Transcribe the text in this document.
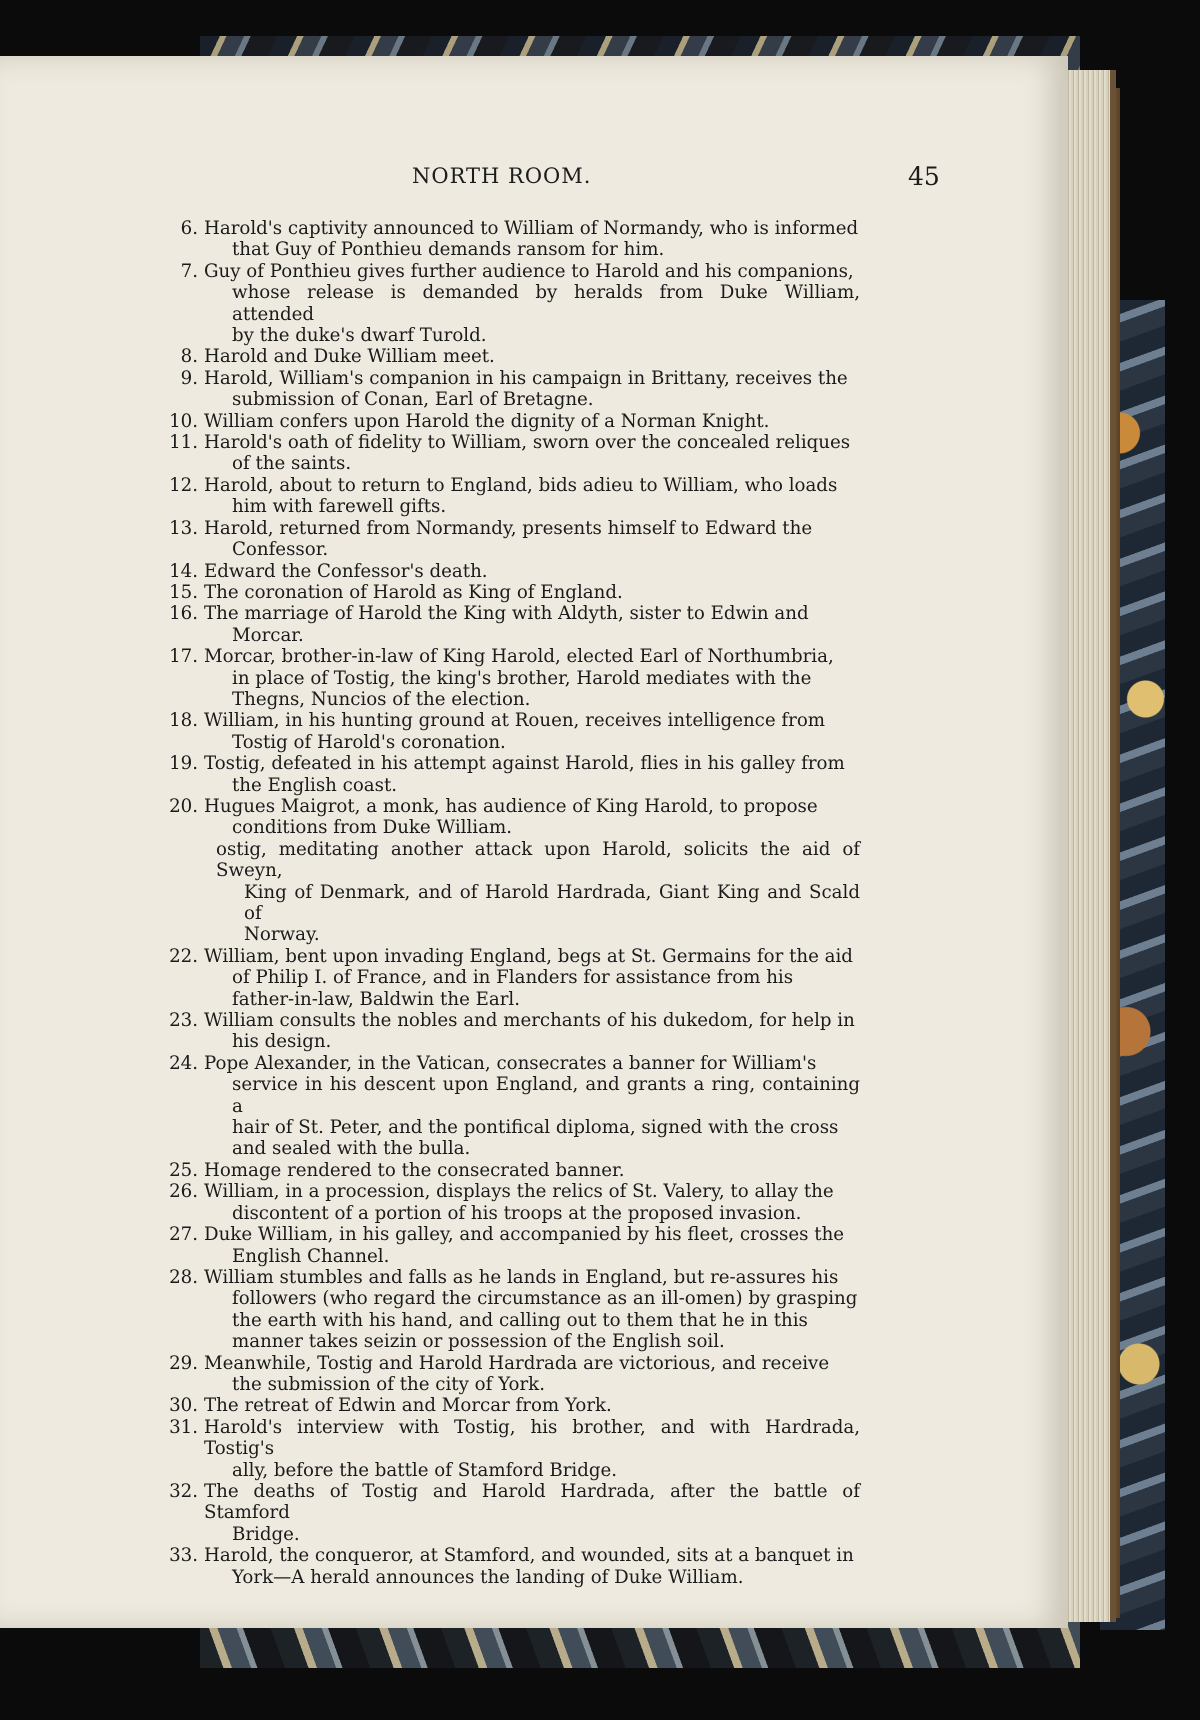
NORTH ROOM.	45
6. Harold's captivity announced to William of Normandy, who is informed
that Guy of Ponthieu demands ransom for him.
7. Guy of Ponthieu gives further audience to Harold and his companions,
whose release is demanded by heralds from Duke William, attended
by the duke's dwarf Turold.
8. Harold and Duke William meet.
9. Harold, William's companion in his campaign in Brittany, receives the
submission of Conan, Earl of Bretagne.
10. William confers upon Harold the dignity of a Norman Knight.
11. Harold's oath of fidelity to William, sworn over the concealed reliques
of the saints.
12. Harold, about to return to England, bids adieu to William, who loads
him with farewell gifts.
13. Harold, returned from Normandy, presents himself to Edward the
Confessor.
14. Edward the Confessor's death.
15. The coronation of Harold as King of England.
16. The marriage of Harold the King with Aldyth, sister to Edwin and
Morcar.
17. Morcar, brother-in-law of King Harold, elected Earl of Northumbria,
in place of Tostig, the king's brother, Harold mediates with the
Thegns, Nuncios of the election.
18. William, in his hunting ground at Rouen, receives intelligence from
Tostig of Harold's coronation.
19. Tostig, defeated in his attempt against Harold, flies in his galley from
the English coast.
20. Hugues Maigrot, a monk, has audience of King Harold, to propose
conditions from Duke William.
ostig, meditating another attack upon Harold, solicits the aid of Sweyn,
King of Denmark, and of Harold Hardrada, Giant King and Scald of
Norway.
22. William, bent upon invading England, begs at St. Germains for the aid
of Philip I. of France, and in Flanders for assistance from his
father-in-law, Baldwin the Earl.
23. William consults the nobles and merchants of his dukedom, for help in
his design.
24. Pope Alexander, in the Vatican, consecrates a banner for William's
service in his descent upon England, and grants a ring, containing a
hair of St. Peter, and the pontifical diploma, signed with the cross
and sealed with the bulla.
25. Homage rendered to the consecrated banner.
26. William, in a procession, displays the relics of St. Valery, to allay the
discontent of a portion of his troops at the proposed invasion.
27. Duke William, in his galley, and accompanied by his fleet, crosses the
English Channel.
28. William stumbles and falls as he lands in England, but re-assures his
followers (who regard the circumstance as an ill-omen) by grasping
the earth with his hand, and calling out to them that he in this
manner takes seizin or possession of the English soil.
29. Meanwhile, Tostig and Harold Hardrada are victorious, and receive
the submission of the city of York.
30. The retreat of Edwin and Morcar from York.
31. Harold's interview with Tostig, his brother, and with Hardrada, Tostig's
ally, before the battle of Stamford Bridge.
32. The deaths of Tostig and Harold Hardrada, after the battle of Stamford
Bridge.
33. Harold, the conqueror, at Stamford, and wounded, sits at a banquet in
York—A herald announces the landing of Duke William.
